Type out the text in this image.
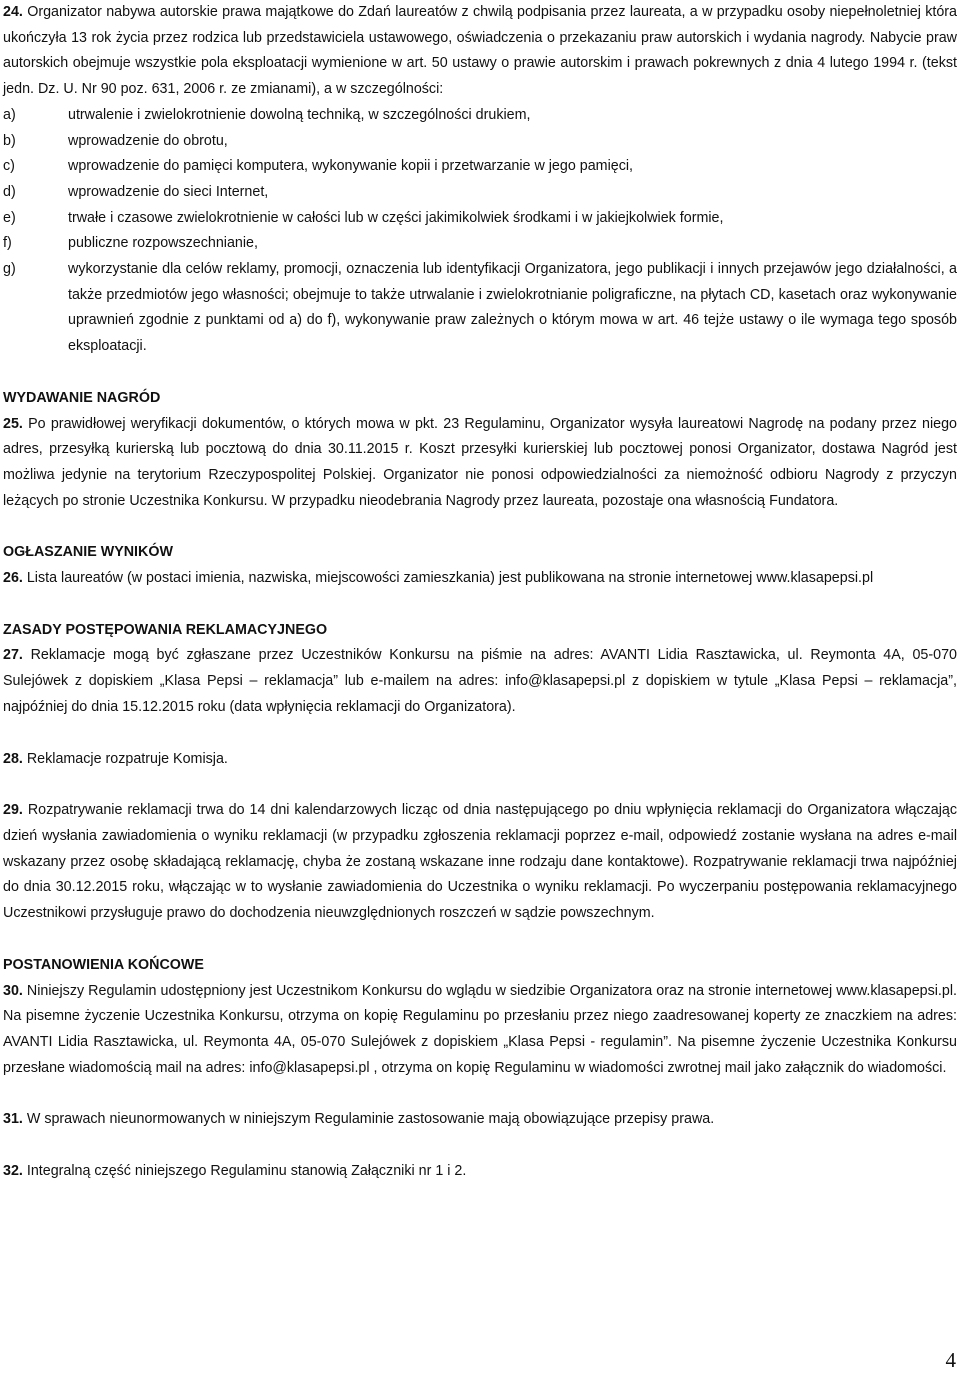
24. Organizator nabywa autorskie prawa majątkowe do Zdań laureatów z chwilą podpisania przez laureata, a w przypadku osoby niepełnoletniej która ukończyła 13 rok życia przez rodzica lub przedstawiciela ustawowego, oświadczenia o przekazaniu praw autorskich i wydania nagrody. Nabycie praw autorskich obejmuje wszystkie pola eksploatacji wymienione w art. 50 ustawy o prawie autorskim i prawach pokrewnych z dnia 4 lutego 1994 r. (tekst jedn. Dz. U. Nr 90 poz. 631, 2006 r. ze zmianami), a w szczególności:

a)	utrwalenie i zwielokrotnienie dowolną techniką, w szczególności drukiem,
b)	wprowadzenie do obrotu,
c)	wprowadzenie do pamięci komputera, wykonywanie kopii i przetwarzanie w jego pamięci,
d)	wprowadzenie do sieci Internet,
e)	trwałe i czasowe zwielokrotnienie w całości lub w części jakimikolwiek środkami i w jakiejkolwiek formie,
f)	publiczne rozpowszechnianie,
g)	wykorzystanie dla celów reklamy, promocji, oznaczenia lub identyfikacji Organizatora, jego publikacji i innych przejawów jego działalności, a także przedmiotów jego własności; obejmuje to także utrwalanie i zwielokrotnianie poligraficzne, na płytach CD, kasetach oraz wykonywanie uprawnień zgodnie z punktami od a) do f), wykonywanie praw zależnych o którym mowa w art. 46 tejże ustawy o ile wymaga tego sposób eksploatacji.
WYDAWANIE NAGRÓD

25. Po prawidłowej weryfikacji dokumentów, o których mowa w pkt. 23 Regulaminu, Organizator wysyła laureatowi Nagrodę na podany przez niego adres, przesyłką kurierską lub pocztową do dnia 30.11.2015 r. Koszt przesyłki kurierskiej lub pocztowej ponosi Organizator, dostawa Nagród jest możliwa jedynie na terytorium Rzeczypospolitej Polskiej. Organizator nie ponosi odpowiedzialności za niemożność odbioru Nagrody z przyczyn leżących po stronie Uczestnika Konkursu. W przypadku nieodebrania Nagrody przez laureata, pozostaje ona własnością Fundatora.

OGŁASZANIE WYNIKÓW

26. Lista laureatów (w postaci imienia, nazwiska, miejscowości zamieszkania) jest publikowana na stronie internetowej www.klasapepsi.pl

ZASADY POSTĘPOWANIA REKLAMACYJNEGO

27. Reklamacje mogą być zgłaszane przez Uczestników Konkursu na piśmie na adres: AVANTI Lidia Rasztawicka, ul. Reymonta 4A, 05-070 Sulejówek z dopiskiem „Klasa Pepsi – reklamacja” lub e-mailem na adres: info@klasapepsi.pl z dopiskiem w tytule „Klasa Pepsi – reklamacja”, najpóźniej do dnia 15.12.2015 roku (data wpłynięcia reklamacji do Organizatora).

28. Reklamacje rozpatruje Komisja.

29. Rozpatrywanie reklamacji trwa do 14 dni kalendarzowych licząc od dnia następującego po dniu wpłynięcia reklamacji do Organizatora włączając dzień wysłania zawiadomienia o wyniku reklamacji (w przypadku zgłoszenia reklamacji poprzez e-mail, odpowiedź zostanie wysłana na adres e-mail wskazany przez osobę składającą reklamację, chyba że zostaną wskazane inne rodzaju dane kontaktowe). Rozpatrywanie reklamacji trwa najpóźniej do dnia 30.12.2015 roku, włączając w to wysłanie zawiadomienia do Uczestnika o wyniku reklamacji. Po wyczerpaniu postępowania reklamacyjnego Uczestnikowi przysługuje prawo do dochodzenia nieuwzględnionych roszczeń w sądzie powszechnym.

POSTANOWIENIA KOŃCOWE

30. Niniejszy Regulamin udostępniony jest Uczestnikom Konkursu do wglądu w siedzibie Organizatora oraz na stronie internetowej www.klasapepsi.pl. Na pisemne życzenie Uczestnika Konkursu, otrzyma on kopię Regulaminu po przesłaniu przez niego zaadresowanej koperty ze znaczkiem na adres: AVANTI Lidia Rasztawicka, ul. Reymonta 4A, 05-070 Sulejówek z dopiskiem „Klasa Pepsi - regulamin”. Na pisemne życzenie Uczestnika Konkursu przesłane wiadomością mail na adres: info@klasapepsi.pl , otrzyma on kopię Regulaminu w wiadomości zwrotnej mail jako załącznik do wiadomości.

31. W sprawach nieunormowanych w niniejszym Regulaminie zastosowanie mają obowiązujące przepisy prawa.

32. Integralną część niniejszego Regulaminu stanowią Załączniki nr 1 i 2.

4
